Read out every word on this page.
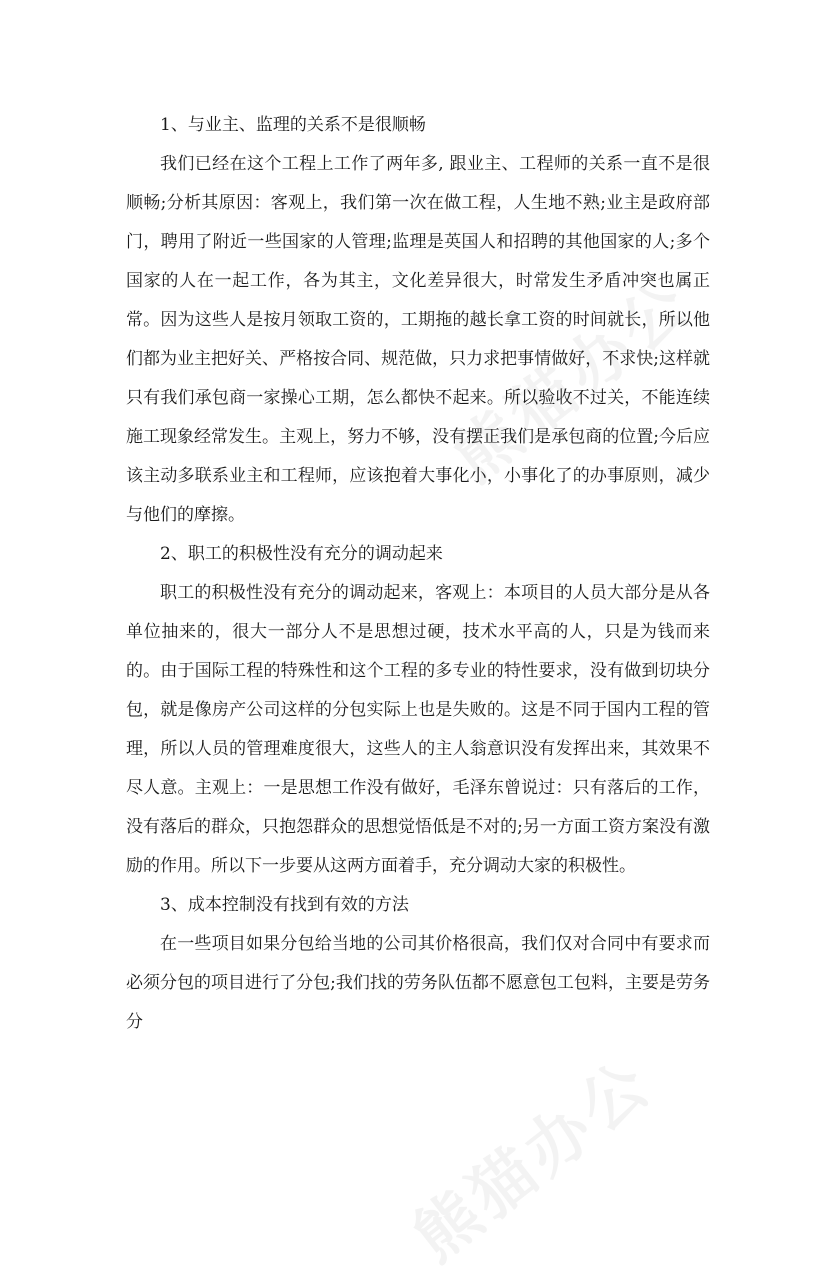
1、与业主、监理的关系不是很顺畅

我们已经在这个工程上工作了两年多, 跟业主、工程师的关系一直不是很顺畅;分析其原因：客观上，我们第一次在做工程，人生地不熟;业主是政府部门，聘用了附近一些国家的人管理;监理是英国人和招聘的其他国家的人;多个国家的人在一起工作，各为其主，文化差异很大，时常发生矛盾冲突也属正常。因为这些人是按月领取工资的，工期拖的越长拿工资的时间就长，所以他们都为业主把好关、严格按合同、规范做，只力求把事情做好，不求快;这样就只有我们承包商一家操心工期，怎么都快不起来。所以验收不过关，不能连续施工现象经常发生。主观上，努力不够，没有摆正我们是承包商的位置;今后应该主动多联系业主和工程师，应该抱着大事化小，小事化了的办事原则，减少与他们的摩擦。

2、职工的积极性没有充分的调动起来

职工的积极性没有充分的调动起来，客观上：本项目的人员大部分是从各单位抽来的，很大一部分人不是思想过硬，技术水平高的人，只是为钱而来的。由于国际工程的特殊性和这个工程的多专业的特性要求，没有做到切块分包，就是像房产公司这样的分包实际上也是失败的。这是不同于国内工程的管理，所以人员的管理难度很大，这些人的主人翁意识没有发挥出来，其效果不尽人意。主观上：一是思想工作没有做好，毛泽东曾说过：只有落后的工作，没有落后的群众，只抱怨群众的思想觉悟低是不对的;另一方面工资方案没有激励的作用。所以下一步要从这两方面着手，充分调动大家的积极性。

3、成本控制没有找到有效的方法

在一些项目如果分包给当地的公司其价格很高，我们仅对合同中有要求而必须分包的项目进行了分包;我们找的劳务队伍都不愿意包工包料，主要是劳务分
